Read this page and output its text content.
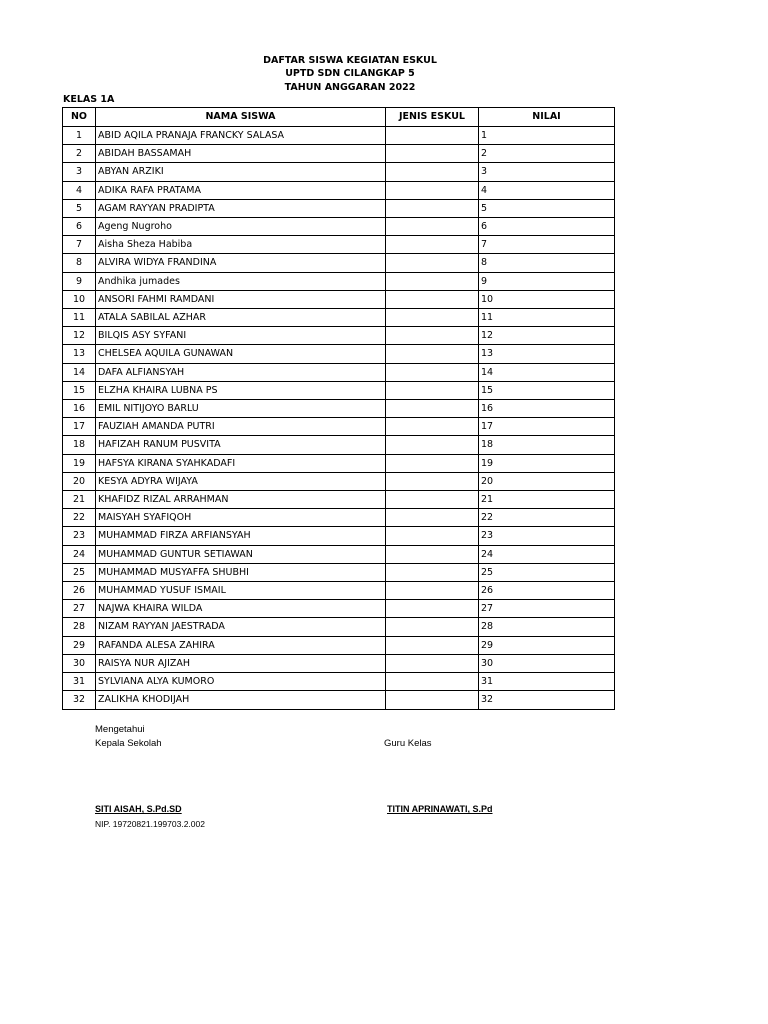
DAFTAR SISWA KEGIATAN ESKUL
UPTD SDN CILANGKAP 5
TAHUN ANGGARAN 2022
KELAS 1A
NO	NAMA SISWA	JENIS ESKUL	NILAI
1	ABID AQILA PRANAJA FRANCKY SALASA		1
2	ABIDAH BASSAMAH		2
3	ABYAN ARZIKI		3
4	ADIKA RAFA PRATAMA		4
5	AGAM RAYYAN PRADIPTA		5
6	Ageng Nugroho		6
7	Aisha Sheza Habiba		7
8	ALVIRA WIDYA FRANDINA		8
9	Andhika jumades		9
10	ANSORI FAHMI RAMDANI		10
11	ATALA SABILAL AZHAR		11
12	BILQIS ASY SYFANI		12
13	CHELSEA AQUILA GUNAWAN		13
14	DAFA ALFIANSYAH		14
15	ELZHA KHAIRA LUBNA PS		15
16	EMIL NITIJOYO BARLU		16
17	FAUZIAH AMANDA PUTRI		17
18	HAFIZAH RANUM PUSVITA		18
19	HAFSYA KIRANA SYAHKADAFI		19
20	KESYA ADYRA WIJAYA		20
21	KHAFIDZ RIZAL ARRAHMAN		21
22	MAISYAH SYAFIQOH		22
23	MUHAMMAD FIRZA ARFIANSYAH		23
24	MUHAMMAD GUNTUR SETIAWAN		24
25	MUHAMMAD MUSYAFFA SHUBHI		25
26	MUHAMMAD YUSUF ISMAIL		26
27	NAJWA KHAIRA WILDA		27
28	NIZAM RAYYAN JAESTRADA		28
29	RAFANDA ALESA ZAHIRA		29
30	RAISYA NUR AJIZAH		30
31	SYLVIANA ALYA KUMORO		31
32	ZALIKHA KHODIJAH		32
Mengetahui
Kepala Sekolah	Guru Kelas
SITI AISAH, S.Pd.SD	TITIN APRINAWATI, S.Pd
NIP. 19720821.199703.2.002
